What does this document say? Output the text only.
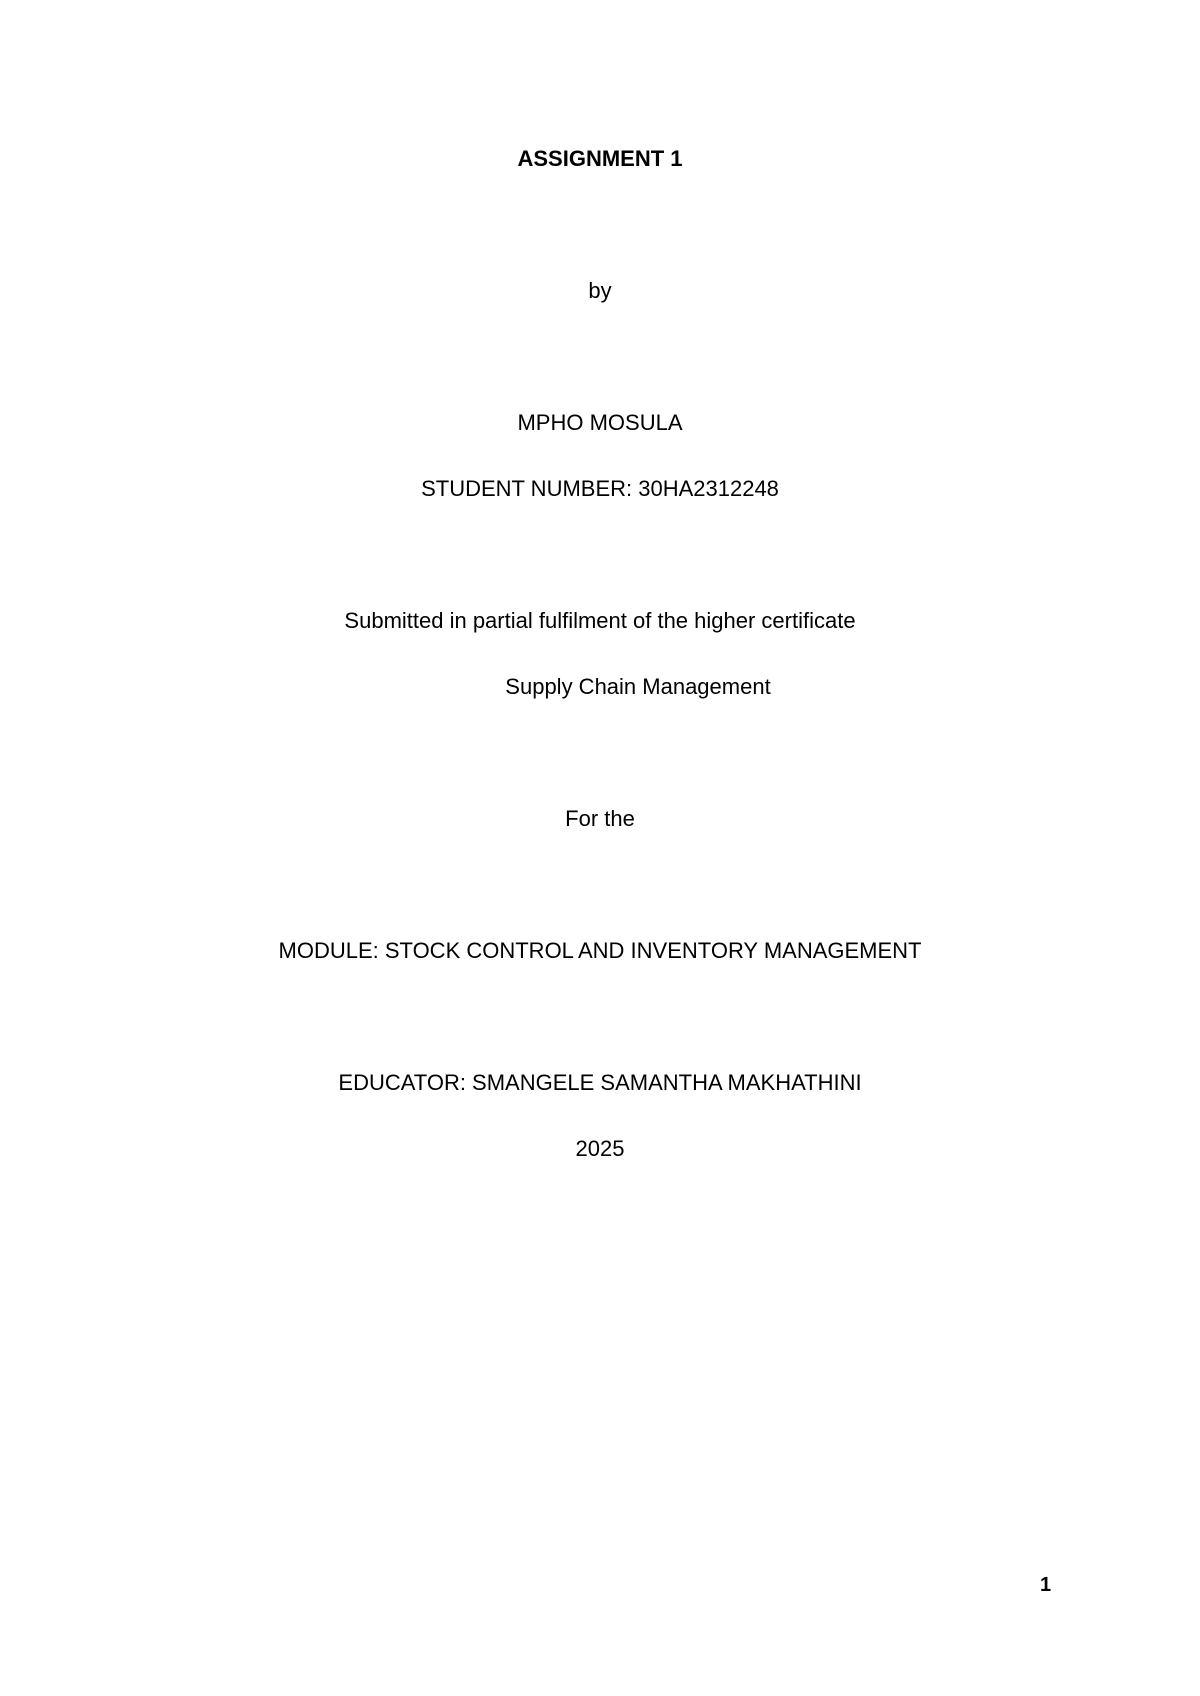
ASSIGNMENT 1
by
MPHO MOSULA
STUDENT NUMBER: 30HA2312248
Submitted in partial fulfilment of the higher certificate
Supply Chain Management
For the
MODULE: STOCK CONTROL AND INVENTORY MANAGEMENT
EDUCATOR: SMANGELE SAMANTHA MAKHATHINI
2025
1
